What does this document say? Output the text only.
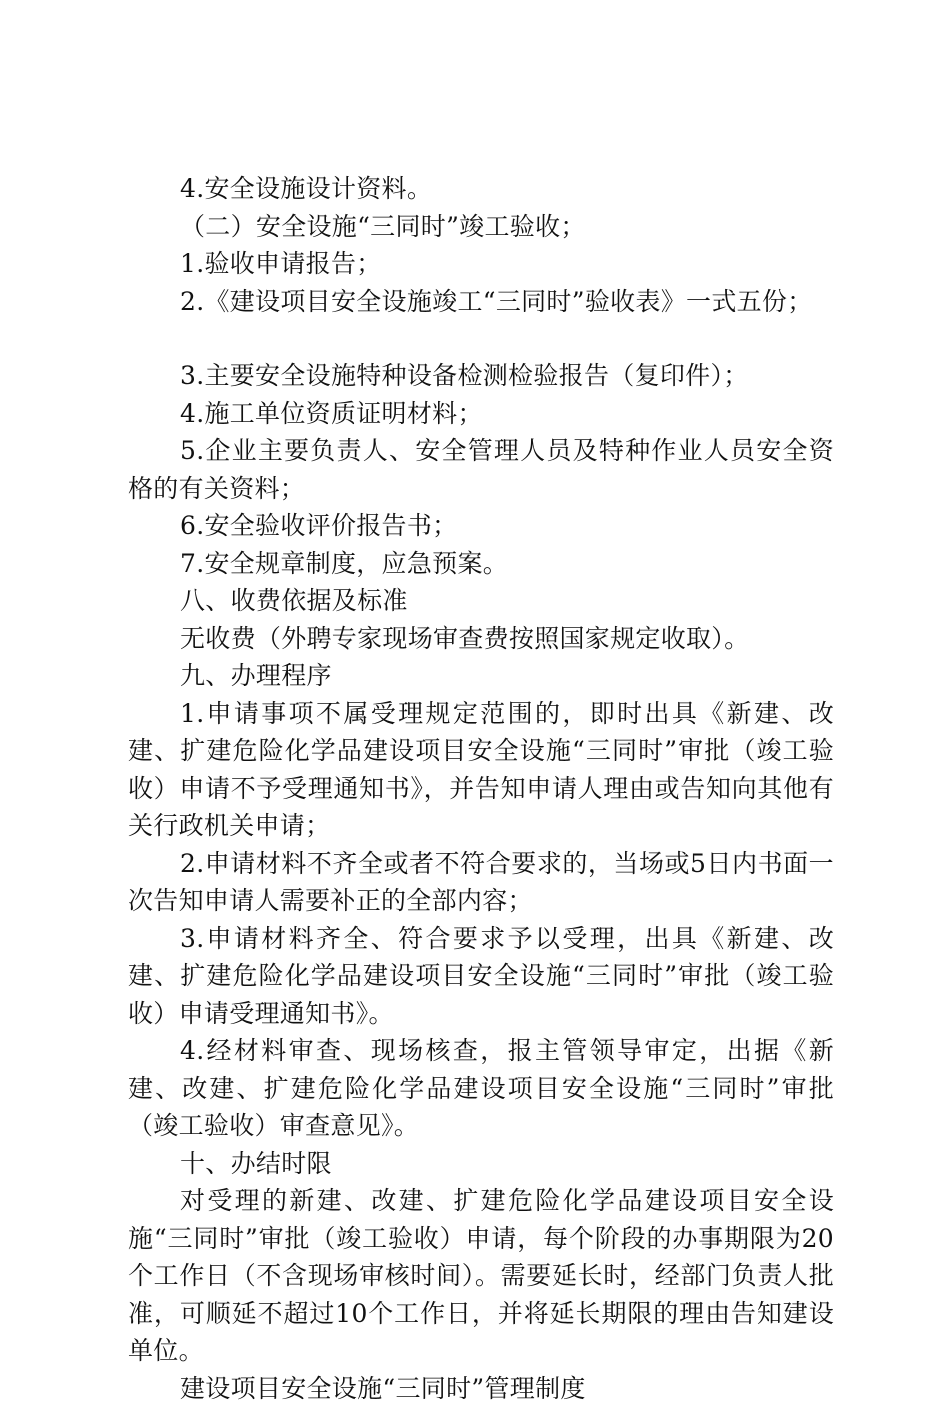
4.安全设施设计资料。

（二）安全设施“三同时”竣工验收；

1.验收申请报告；

2.《建设项目安全设施竣工“三同时”验收表》一式五份；

3.主要安全设施特种设备检测检验报告（复印件）；

4.施工单位资质证明材料；

5.企业主要负责人、安全管理人员及特种作业人员安全资格的有关资料；

6.安全验收评价报告书；

7.安全规章制度，应急预案。

八、收费依据及标准

无收费（外聘专家现场审查费按照国家规定收取）。

九、办理程序

1.申请事项不属受理规定范围的，即时出具《新建、改建、扩建危险化学品建设项目安全设施“三同时”审批（竣工验收）申请不予受理通知书》，并告知申请人理由或告知向其他有关行政机关申请；

2.申请材料不齐全或者不符合要求的，当场或5日内书面一次告知申请人需要补正的全部内容；

3.申请材料齐全、符合要求予以受理，出具《新建、改建、扩建危险化学品建设项目安全设施“三同时”审批（竣工验收）申请受理通知书》。

4.经材料审查、现场核查，报主管领导审定，出据《新建、改建、扩建危险化学品建设项目安全设施“三同时”审批（竣工验收）审查意见》。

十、办结时限

对受理的新建、改建、扩建危险化学品建设项目安全设施“三同时”审批（竣工验收）申请，每个阶段的办事期限为20个工作日（不含现场审核时间）。需要延长时，经部门负责人批准，可顺延不超过10个工作日，并将延长期限的理由告知建设单位。

建设项目安全设施“三同时”管理制度
